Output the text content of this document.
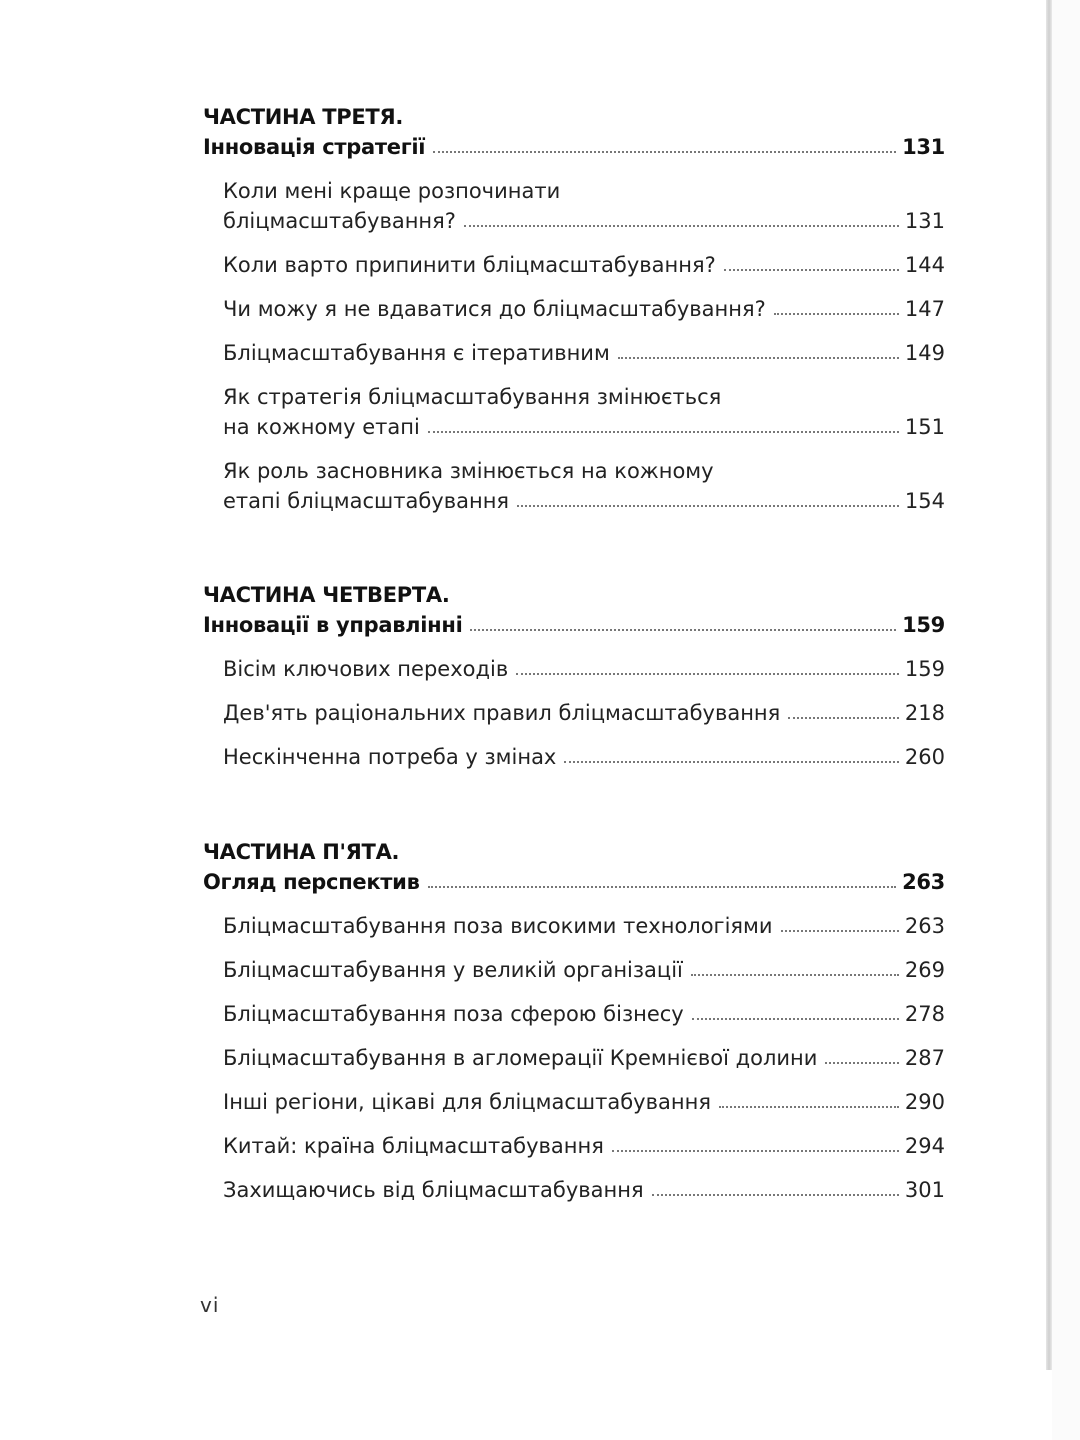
ЧАСТИНА ТРЕТЯ.
Інновація стратегії	131
Коли мені краще розпочинати
бліцмасштабування?	131
Коли варто припинити бліцмасштабування?	144
Чи можу я не вдаватися до бліцмасштабування?	147
Бліцмасштабування є ітеративним	149
Як стратегія бліцмасштабування змінюється
на кожному етапі	151
Як роль засновника змінюється на кожному
етапі бліцмасштабування	154
ЧАСТИНА ЧЕТВЕРТА.
Інновації в управлінні	159
Вісім ключових переходів	159
Дев'ять раціональних правил бліцмасштабування	218
Нескінченна потреба у змінах	260
ЧАСТИНА П'ЯТА.
Огляд перспектив	263
Бліцмасштабування поза високими технологіями	263
Бліцмасштабування у великій організації	269
Бліцмасштабування поза сферою бізнесу	278
Бліцмасштабування в агломерації Кремнієвої долини	287
Інші регіони, цікаві для бліцмасштабування	290
Китай: країна бліцмасштабування	294
Захищаючись від бліцмасштабування	301
vi
